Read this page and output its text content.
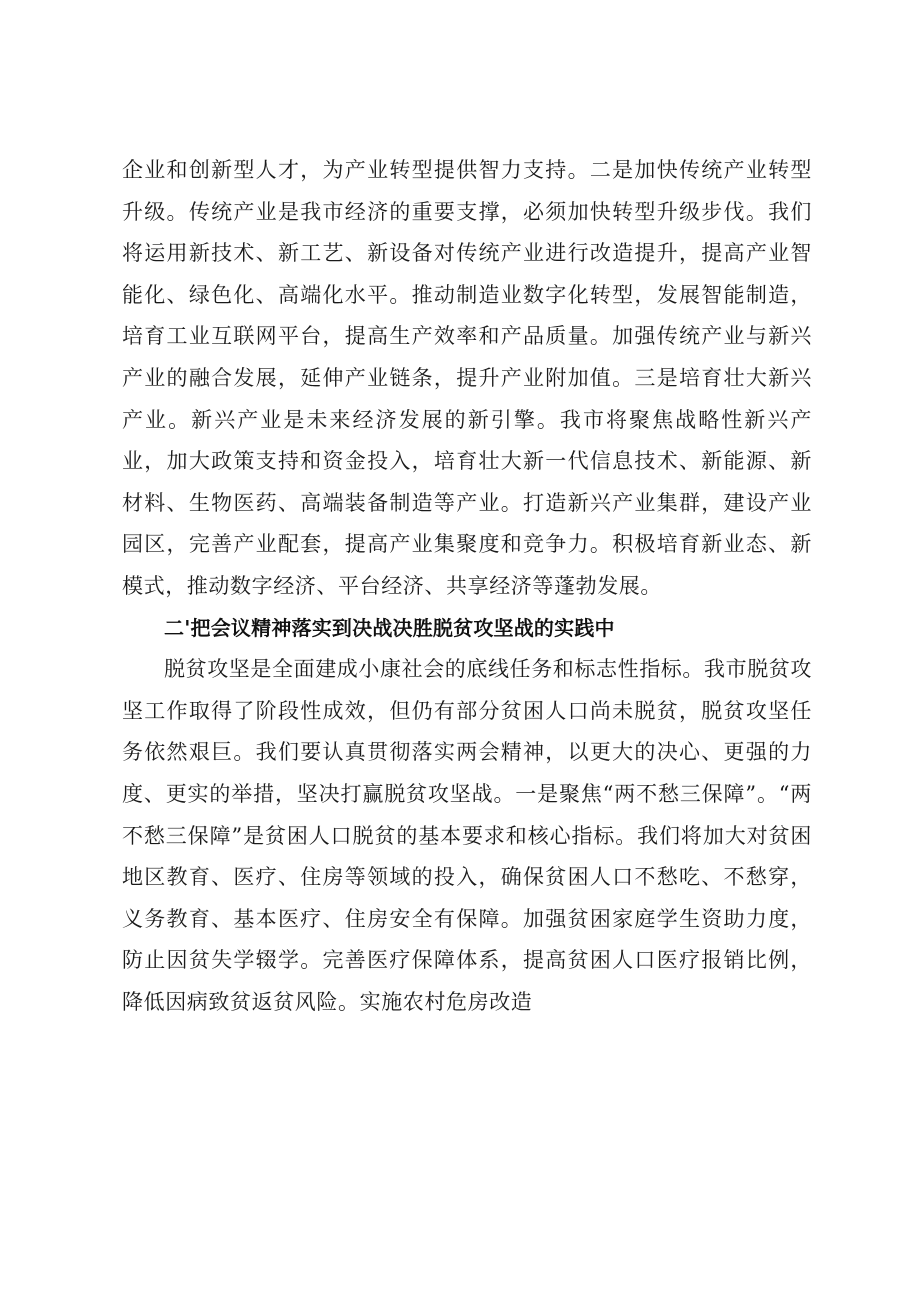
企业和创新型人才，为产业转型提供智力支持。二是加快传统产业转型升级。传统产业是我市经济的重要支撑，必须加快转型升级步伐。我们将运用新技术、新工艺、新设备对传统产业进行改造提升，提高产业智能化、绿色化、高端化水平。推动制造业数字化转型，发展智能制造，培育工业互联网平台，提高生产效率和产品质量。加强传统产业与新兴产业的融合发展，延伸产业链条，提升产业附加值。三是培育壮大新兴产业。新兴产业是未来经济发展的新引擎。我市将聚焦战略性新兴产业，加大政策支持和资金投入，培育壮大新一代信息技术、新能源、新材料、生物医药、高端装备制造等产业。打造新兴产业集群，建设产业园区，完善产业配套，提高产业集聚度和竞争力。积极培育新业态、新模式，推动数字经济、平台经济、共享经济等蓬勃发展。

二'把会议精神落实到决战决胜脱贫攻坚战的实践中

脱贫攻坚是全面建成小康社会的底线任务和标志性指标。我市脱贫攻坚工作取得了阶段性成效，但仍有部分贫困人口尚未脱贫，脱贫攻坚任务依然艰巨。我们要认真贯彻落实两会精神，以更大的决心、更强的力度、更实的举措，坚决打赢脱贫攻坚战。一是聚焦“两不愁三保障”。“两不愁三保障”是贫困人口脱贫的基本要求和核心指标。我们将加大对贫困地区教育、医疗、住房等领域的投入，确保贫困人口不愁吃、不愁穿，义务教育、基本医疗、住房安全有保障。加强贫困家庭学生资助力度，防止因贫失学辍学。完善医疗保障体系，提高贫困人口医疗报销比例，降低因病致贫返贫风险。实施农村危房改造
